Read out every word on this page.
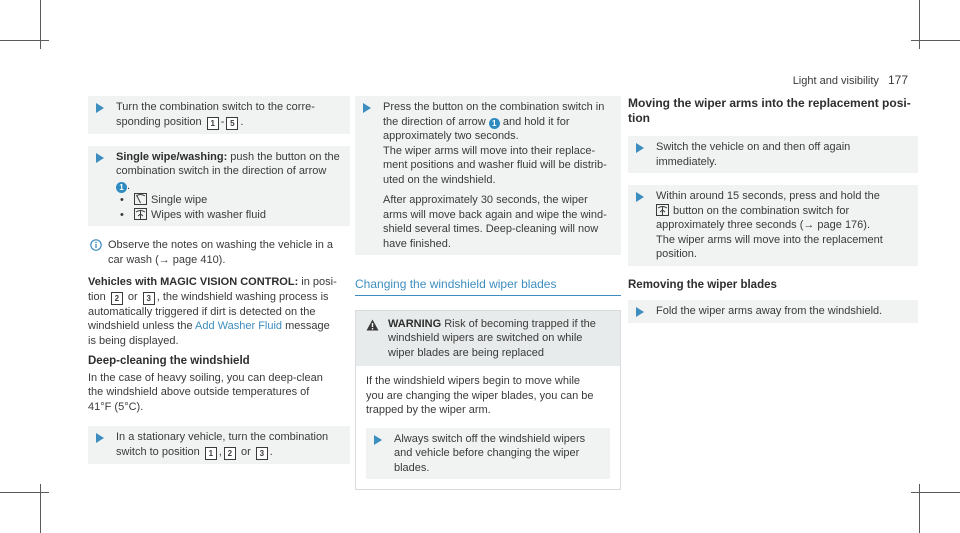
Light and visibility 177

Turn the combination switch to the corre-

sponding position 1 - 5 .

Single wipe/washing: push the button on the

combination switch in the direction of arrow

1 .

• Single wipe

• Wipes with washer fluid

Observe the notes on washing the vehicle in a

car wash (→ page 410).

Vehicles with MAGIC VISION CONTROL: in posi-

tion 2 or 3 , the windshield washing process is

automatically triggered if dirt is detected on the

windshield unless the Add Washer Fluid message

is being displayed.

Deep-cleaning the windshield

In the case of heavy soiling, you can deep-clean

the windshield above outside temperatures of

41°F (5°C).

In a stationary vehicle, turn the combination

switch to position 1 , 2 or 3 .

Press the button on the combination switch in

the direction of arrow 1 and hold it for

approximately two seconds.

The wiper arms will move into their replace-

ment positions and washer fluid will be distrib-

uted on the windshield.

After approximately 30 seconds, the wiper

arms will move back again and wipe the wind-

shield several times. Deep-cleaning will now

have finished.

Changing the windshield wiper blades

WARNING Risk of becoming trapped if the

windshield wipers are switched on while

wiper blades are being replaced

If the windshield wipers begin to move while

you are changing the wiper blades, you can be

trapped by the wiper arm.

Always switch off the windshield wipers

and vehicle before changing the wiper

blades.

Moving the wiper arms into the replacement posi-

tion

Switch the vehicle on and then off again

immediately.

Within around 15 seconds, press and hold the

button on the combination switch for

approximately three seconds (→ page 176).

The wiper arms will move into the replacement

position.

Removing the wiper blades

Fold the wiper arms away from the windshield.
